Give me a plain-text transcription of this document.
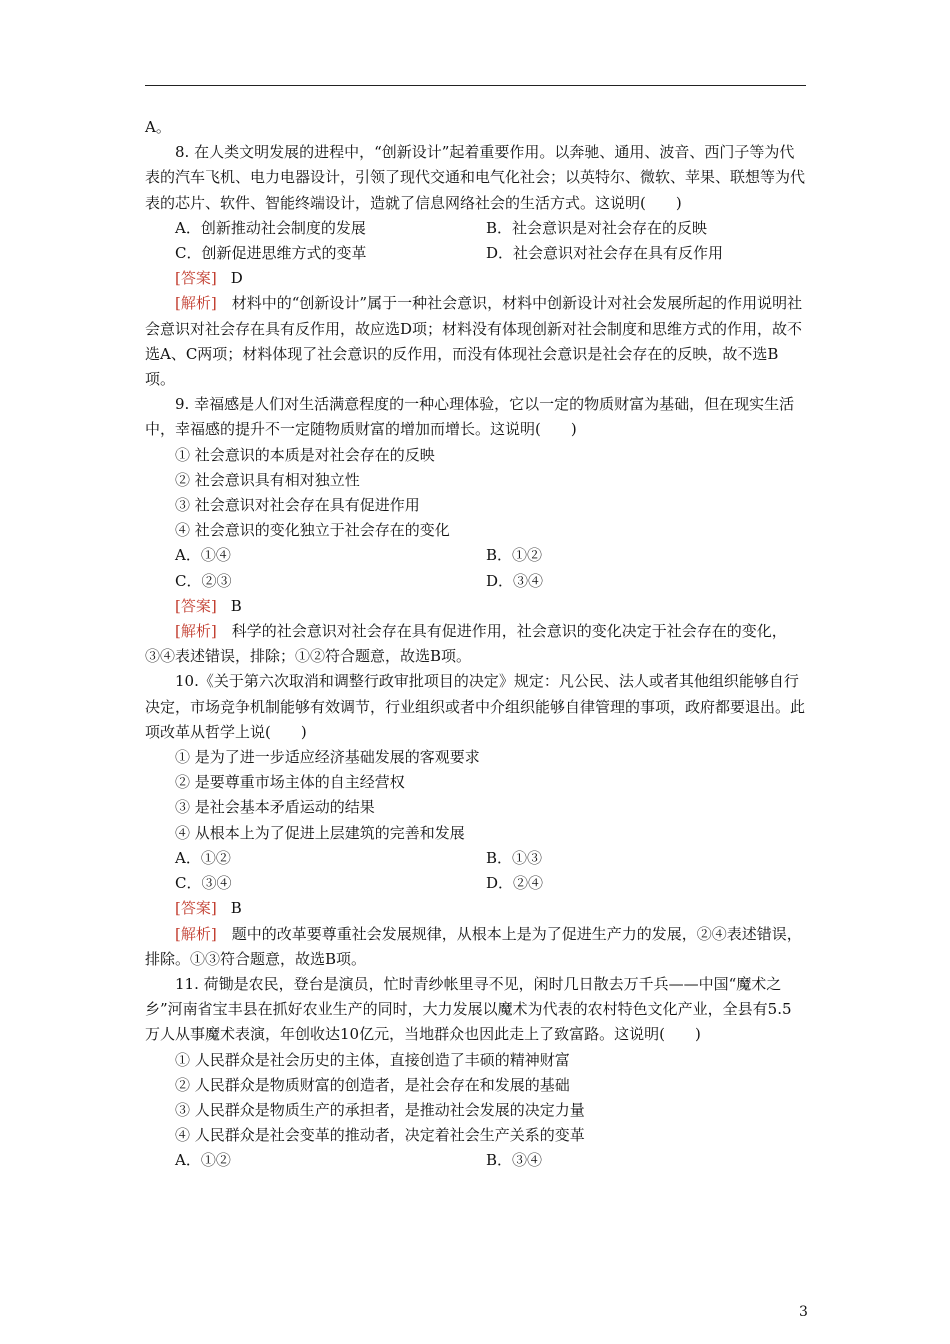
A。

8. 在人类文明发展的进程中，“创新设计”起着重要作用。以奔驰、通用、波音、西门子等为代表的汽车飞机、电力电器设计，引领了现代交通和电气化社会；以英特尔、微软、苹果、联想等为代表的芯片、软件、智能终端设计，造就了信息网络社会的生活方式。这说明(　　)

A．创新推动社会制度的发展	B．社会意识是对社会存在的反映
C．创新促进思维方式的变革	D．社会意识对社会存在具有反作用
[答案] D

[解析]　 材料中的“创新设计”属于一种社会意识，材料中创新设计对社会发展所起的作用说明社会意识对社会存在具有反作用，故应选D项；材料没有体现创新对社会制度和思维方式的作用，故不选A、C两项；材料体现了社会意识的反作用，而没有体现社会意识是社会存在的反映，故不选B项。

9. 幸福感是人们对生活满意程度的一种心理体验，它以一定的物质财富为基础，但在现实生活中，幸福感的提升不一定随物质财富的增加而增长。这说明(　　)

① 社会意识的本质是对社会存在的反映
② 社会意识具有相对独立性
③ 社会意识对社会存在具有促进作用
④ 社会意识的变化独立于社会存在的变化
A．①④	B．①②
C．②③	D．③④
[答案] B

[解析]　 科学的社会意识对社会存在具有促进作用，社会意识的变化决定于社会存在的变化，③④表述错误，排除；①②符合题意，故选B项。

10.《关于第六次取消和调整行政审批项目的决定》规定：凡公民、法人或者其他组织能够自行决定，市场竞争机制能够有效调节，行业组织或者中介组织能够自律管理的事项，政府都要退出。此项改革从哲学上说(　　)

① 是为了进一步适应经济基础发展的客观要求
② 是要尊重市场主体的自主经营权
③ 是社会基本矛盾运动的结果
④ 从根本上为了促进上层建筑的完善和发展
A．①②	B．①③
C．③④	D．②④
[答案] B

[解析]　 题中的改革要尊重社会发展规律，从根本上是为了促进生产力的发展，②④表述错误，排除。①③符合题意，故选B项。

11. 荷锄是农民，登台是演员，忙时青纱帐里寻不见，闲时几日散去万千兵——中国“魔术之乡”河南省宝丰县在抓好农业生产的同时，大力发展以魔术为代表的农村特色文化产业，全县有5.5万人从事魔术表演，年创收达10亿元，当地群众也因此走上了致富路。这说明(　　)

① 人民群众是社会历史的主体，直接创造了丰硕的精神财富
② 人民群众是物质财富的创造者，是社会存在和发展的基础
③ 人民群众是物质生产的承担者，是推动社会发展的决定力量
④ 人民群众是社会变革的推动者，决定着社会生产关系的变革
A．①②	B．③④
3
